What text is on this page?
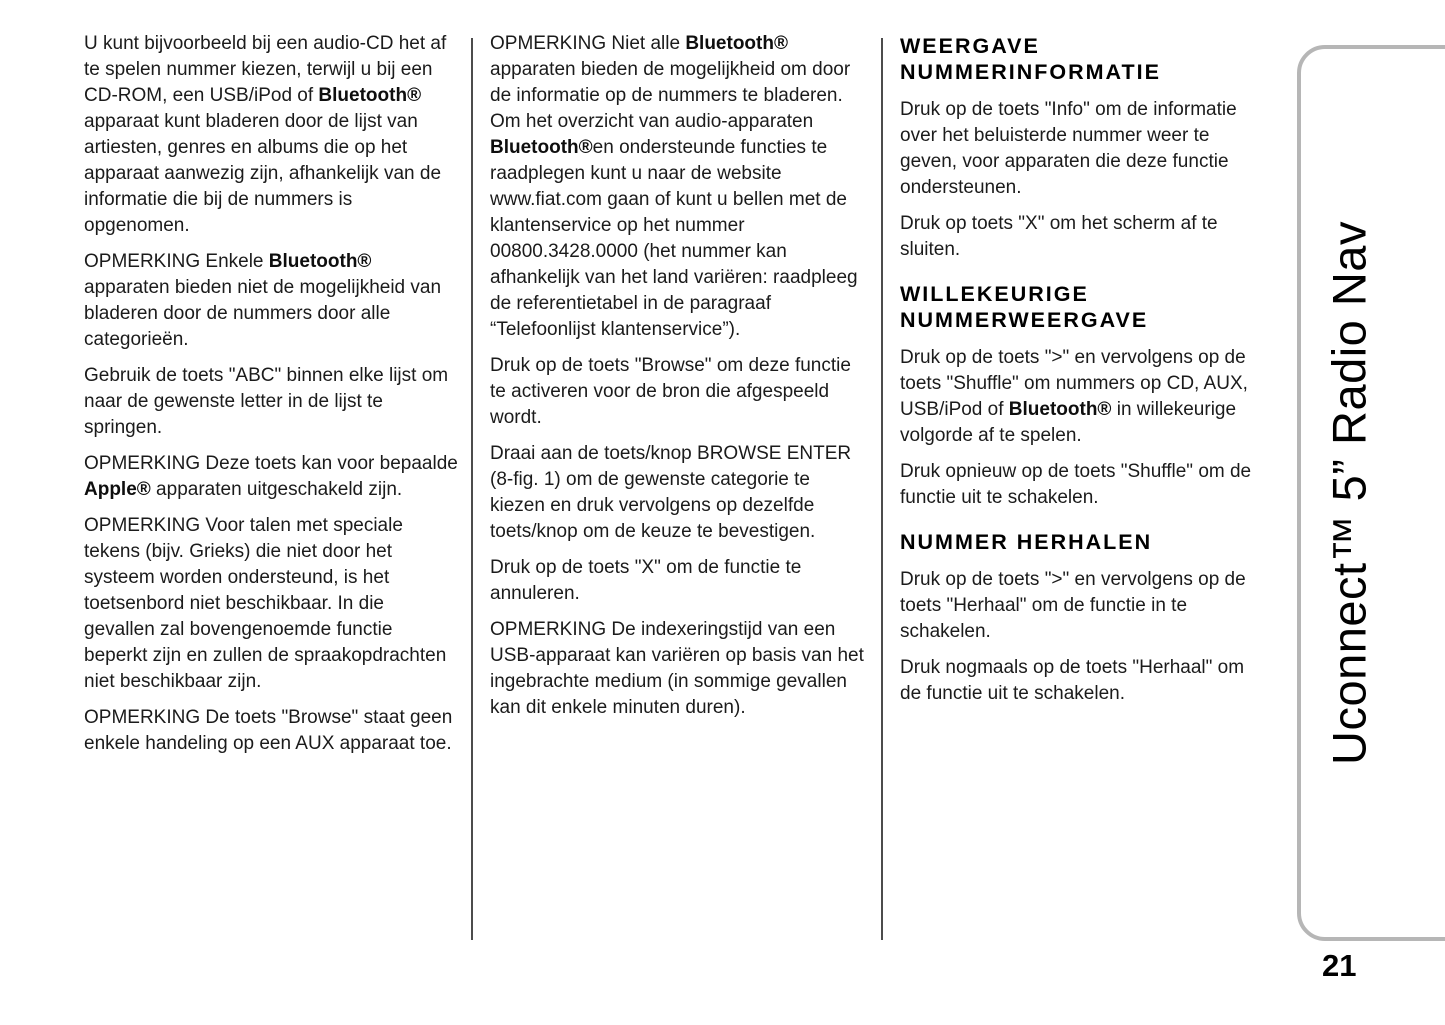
U kunt bijvoorbeeld bij een audio-CD het af te spelen nummer kiezen, terwijl u bij een CD-ROM, een USB/iPod of Bluetooth® apparaat kunt bladeren door de lijst van artiesten, genres en albums die op het apparaat aanwezig zijn, afhankelijk van de informatie die bij de nummers is opgenomen.

OPMERKING Enkele Bluetooth® apparaten bieden niet de mogelijkheid van bladeren door de nummers door alle categorieën.

Gebruik de toets "ABC" binnen elke lijst om naar de gewenste letter in de lijst te springen.

OPMERKING Deze toets kan voor bepaalde Apple® apparaten uitgeschakeld zijn.

OPMERKING Voor talen met speciale tekens (bijv. Grieks) die niet door het systeem worden ondersteund, is het toetsenbord niet beschikbaar. In die gevallen zal bovengenoemde functie beperkt zijn en zullen de spraakopdrachten niet beschikbaar zijn.

OPMERKING De toets "Browse" staat geen enkele handeling op een AUX apparaat toe.

OPMERKING Niet alle Bluetooth® apparaten bieden de mogelijkheid om door de informatie op de nummers te bladeren. Om het overzicht van audio-apparaten Bluetooth®en ondersteunde functies te raadplegen kunt u naar de website www.fiat.com gaan of kunt u bellen met de klantenservice op het nummer 00800.3428.0000 (het nummer kan afhankelijk van het land variëren: raadpleeg de referentietabel in de paragraaf “Telefoonlijst klantenservice”).

Druk op de toets "Browse" om deze functie te activeren voor de bron die afgespeeld wordt.

Draai aan de toets/knop BROWSE ENTER (8-fig. 1) om de gewenste categorie te kiezen en druk vervolgens op dezelfde toets/knop om de keuze te bevestigen.

Druk op de toets "X" om de functie te annuleren.

OPMERKING De indexeringstijd van een USB-apparaat kan variëren op basis van het ingebrachte medium (in sommige gevallen kan dit enkele minuten duren).

WEERGAVE NUMMERINFORMATIE

Druk op de toets "Info" om de informatie over het beluisterde nummer weer te geven, voor apparaten die deze functie ondersteunen.

Druk op toets "X" om het scherm af te sluiten.

WILLEKEURIGE NUMMERWEERGAVE

Druk op de toets ">" en vervolgens op de toets "Shuffle" om nummers op CD, AUX, USB/iPod of Bluetooth® in willekeurige volgorde af te spelen.

Druk opnieuw op de toets "Shuffle" om de functie uit te schakelen.

NUMMER HERHALEN

Druk op de toets ">" en vervolgens op de toets "Herhaal" om de functie in te schakelen.

Druk nogmaals op de toets "Herhaal" om de functie uit te schakelen.	Uconnect™ 5” Radio Nav
21
